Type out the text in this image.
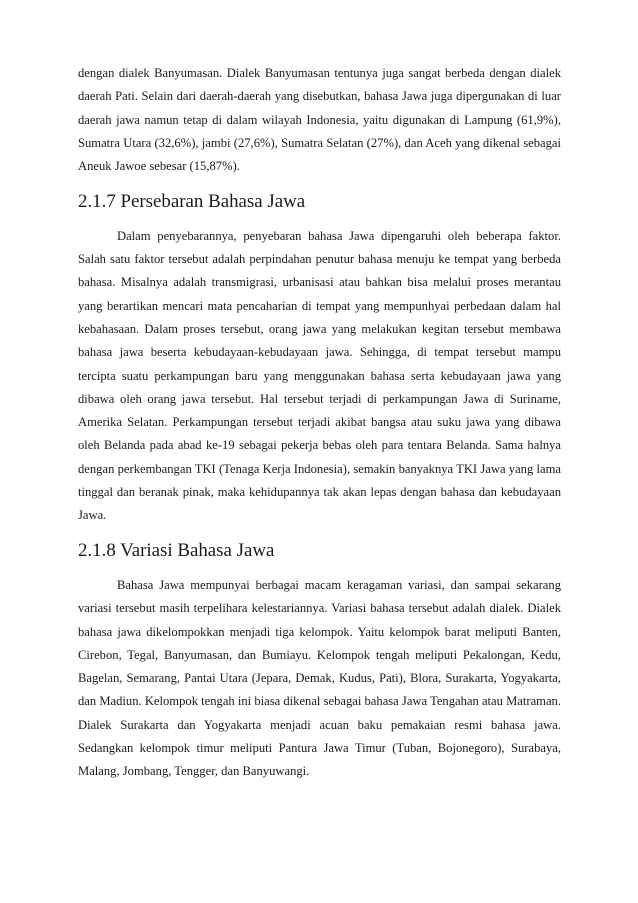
dengan dialek Banyumasan. Dialek Banyumasan tentunya juga sangat berbeda dengan dialek daerah Pati. Selain dari daerah-daerah yang disebutkan, bahasa Jawa juga dipergunakan di luar daerah jawa namun tetap di dalam wilayah Indonesia, yaitu digunakan di Lampung (61,9%), Sumatra Utara (32,6%), jambi (27,6%), Sumatra Selatan (27%), dan Aceh yang dikenal sebagai Aneuk Jawoe sebesar (15,87%).

2.1.7 Persebaran Bahasa Jawa

Dalam penyebarannya, penyebaran bahasa Jawa dipengaruhi oleh beberapa faktor. Salah satu faktor tersebut adalah perpindahan penutur bahasa menuju ke tempat yang berbeda bahasa. Misalnya adalah transmigrasi, urbanisasi atau bahkan bisa melalui proses merantau yang berartikan mencari mata pencaharian di tempat yang mempunhyai perbedaan dalam hal kebahasaan. Dalam proses tersebut, orang jawa yang melakukan kegitan tersebut membawa bahasa jawa beserta kebudayaan-kebudayaan jawa. Sehingga, di tempat tersebut mampu tercipta suatu perkampungan baru yang menggunakan bahasa serta kebudayaan jawa yang dibawa oleh orang jawa tersebut. Hal tersebut terjadi di perkampungan Jawa di Suriname, Amerika Selatan. Perkampungan tersebut terjadi akibat bangsa atau suku jawa yang dibawa oleh Belanda pada abad ke-19 sebagai pekerja bebas oleh para tentara Belanda. Sama halnya dengan perkembangan TKI (Tenaga Kerja Indonesia), semakin banyaknya TKI Jawa yang lama tinggal dan beranak pinak, maka kehidupannya tak akan lepas dengan bahasa dan kebudayaan Jawa.

2.1.8 Variasi Bahasa Jawa

Bahasa Jawa mempunyai berbagai macam keragaman variasi, dan sampai sekarang variasi tersebut masih terpelihara kelestariannya. Variasi bahasa tersebut adalah dialek. Dialek bahasa jawa dikelompokkan menjadi tiga kelompok. Yaitu kelompok barat meliputi Banten, Cirebon, Tegal, Banyumasan, dan Bumiayu. Kelompok tengah meliputi Pekalongan, Kedu, Bagelan, Semarang, Pantai Utara (Jepara, Demak, Kudus, Pati), Blora, Surakarta, Yogyakarta, dan Madiun. Kelompok tengah ini biasa dikenal sebagai bahasa Jawa Tengahan atau Matraman. Dialek Surakarta dan Yogyakarta menjadi acuan baku pemakaian resmi bahasa jawa. Sedangkan kelompok timur meliputi Pantura Jawa Timur (Tuban, Bojonegoro), Surabaya, Malang, Jombang, Tengger, dan Banyuwangi.
